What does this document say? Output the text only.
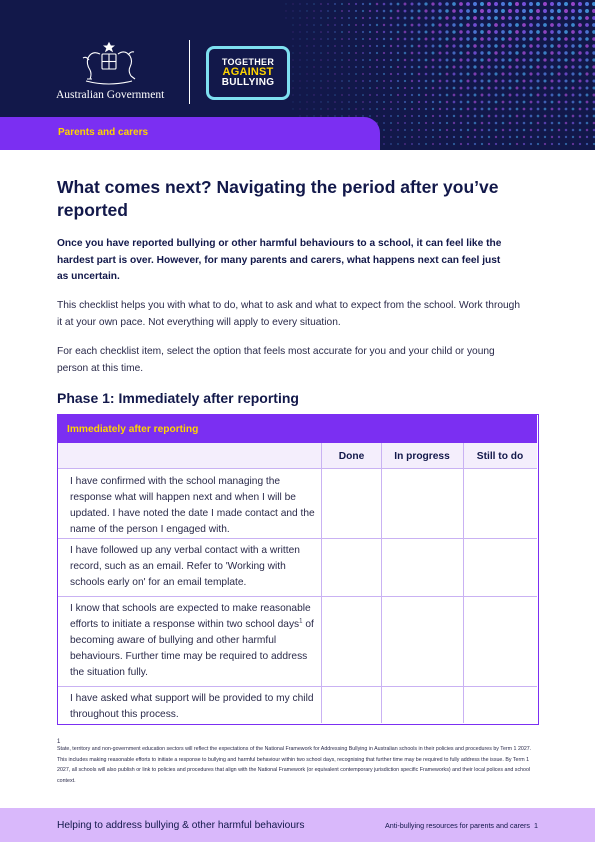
Australian Government
TOGETHER
AGAINST
BULLYING
Parents and carers
What comes next? Navigating the period after you’ve reported

Once you have reported bullying or other harmful behaviours to a school, it can feel like the hardest part is over. However, for many parents and carers, what happens next can feel just as uncertain.

This checklist helps you with what to do, what to ask and what to expect from the school. Work through it at your own pace. Not everything will apply to every situation.

For each checklist item, select the option that feels most accurate for you and your child or young person at this time.

Phase 1: Immediately after reporting
Immediately after reporting
Done	In progress	Still to do
I have confirmed with the school managing the response what will happen next and when I will be updated. I have noted the date I made contact and the name of the person I engaged with.
I have followed up any verbal contact with a written record, such as an email. Refer to 'Working with schools early on' for an email template.
I know that schools are expected to make reasonable efforts to initiate a response within two school days$^1$ of becoming aware of bullying and other harmful behaviours. Further time may be required to address the situation fully.
I have asked what support will be provided to my child throughout this process.
1

State, territory and non-government education sectors will reflect the expectations of the National Framework for Addressing Bullying in Australian schools in their policies and procedures by Term 1 2027. This includes making reasonable efforts to initiate a response to bullying and harmful behaviour within two school days, recognising that further time may be required to fully address the issue. By Term 1 2027, all schools will also publish or link to policies and procedures that align with the National Framework (or equivalent contemporary jurisdiction specific Frameworks) and their local polices and school context.

Helping to address bullying & other harmful behaviours	Anti-bullying resources for parents and carers 1
